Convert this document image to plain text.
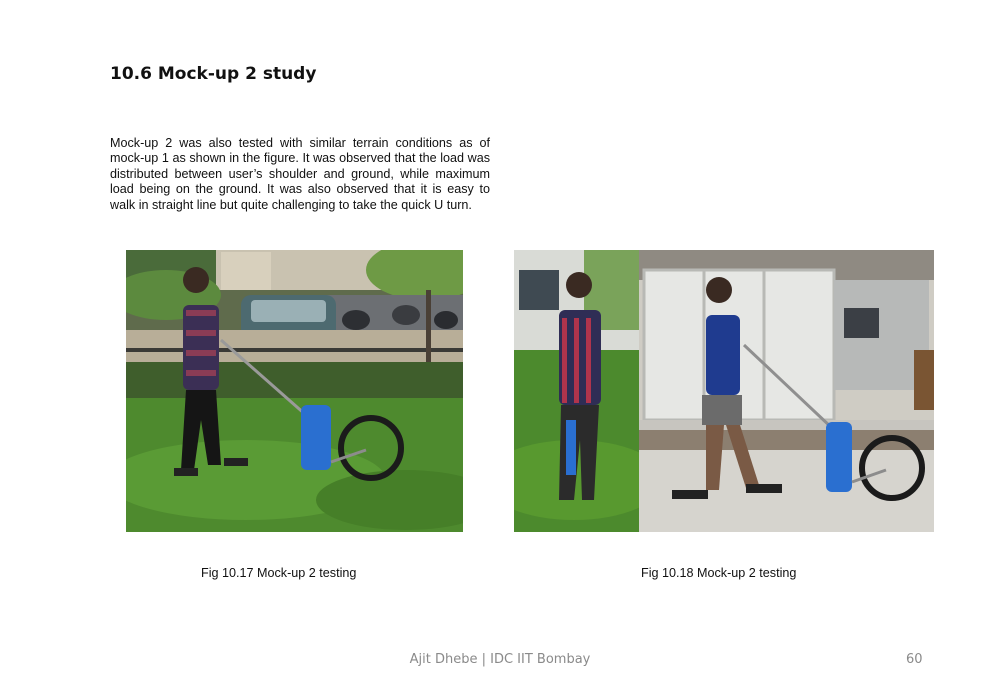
10.6 Mock-up 2 study

Mock-up 2 was also tested with similar terrain conditions as of mock-up 1 as shown in the figure. It was observed that the load was distributed between user’s shoulder and ground, while maximum load being on the ground. It was also observed that it is easy to walk in straight line but quite challenging to take the quick U turn.

Fig 10.17 Mock-up 2 testing	Fig 10.18 Mock-up 2 testing
Ajit Dhebe | IDC IIT Bombay	60
